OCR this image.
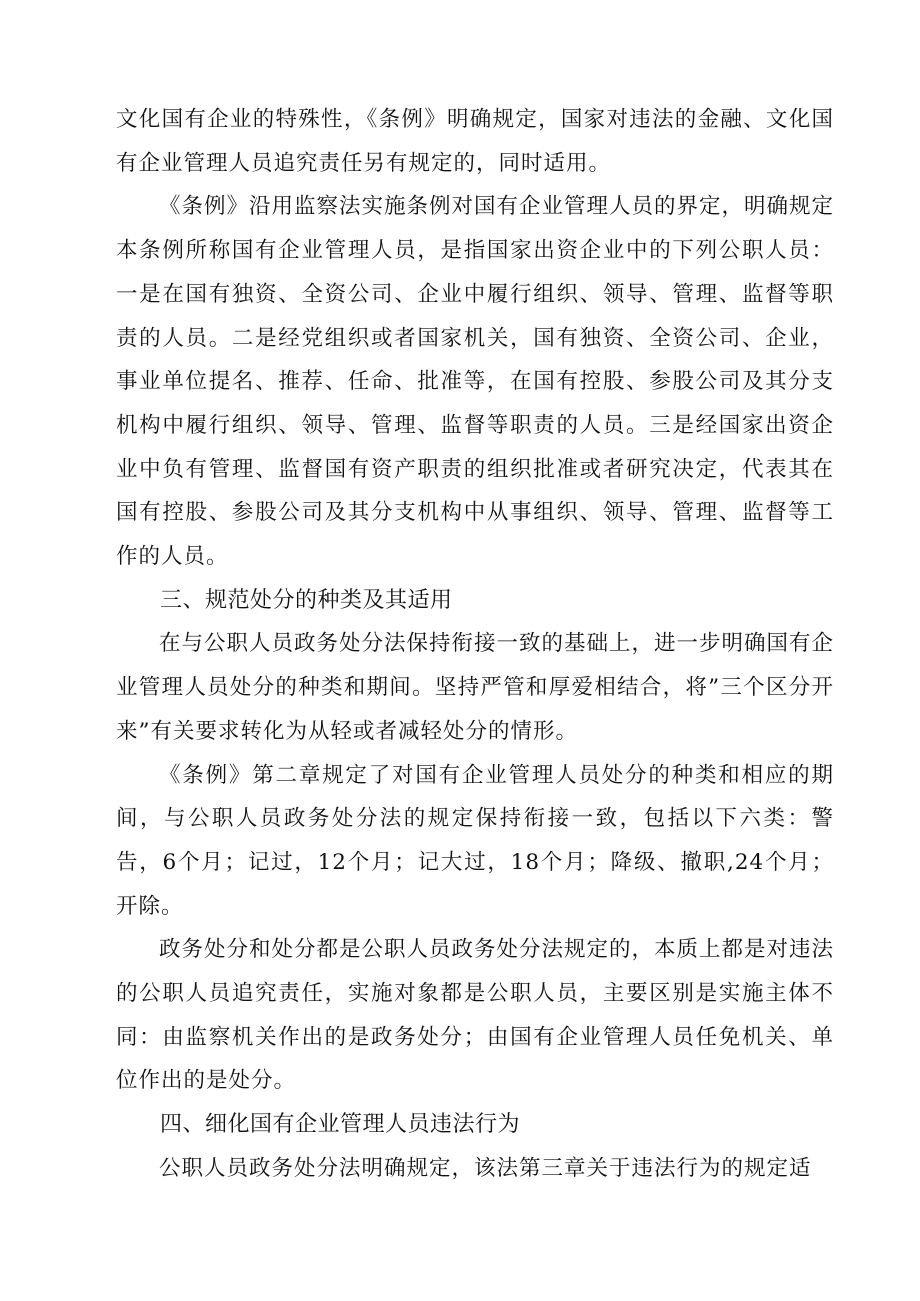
文化国有企业的特殊性，《条例》明确规定，国家对违法的金融、文化国有企业管理人员追究责任另有规定的，同时适用。

《条例》沿用监察法实施条例对国有企业管理人员的界定，明确规定本条例所称国有企业管理人员，是指国家出资企业中的下列公职人员：一是在国有独资、全资公司、企业中履行组织、领导、管理、监督等职责的人员。二是经党组织或者国家机关，国有独资、全资公司、企业，事业单位提名、推荐、任命、批准等，在国有控股、参股公司及其分支机构中履行组织、领导、管理、监督等职责的人员。三是经国家出资企业中负有管理、监督国有资产职责的组织批准或者研究决定，代表其在国有控股、参股公司及其分支机构中从事组织、领导、管理、监督等工作的人员。

三、规范处分的种类及其适用

在与公职人员政务处分法保持衔接一致的基础上，进一步明确国有企业管理人员处分的种类和期间。坚持严管和厚爱相结合，将”三个区分开来”有关要求转化为从轻或者减轻处分的情形。

《条例》第二章规定了对国有企业管理人员处分的种类和相应的期间，与公职人员政务处分法的规定保持衔接一致，包括以下六类：警告，6个月；记过，12个月；记大过，18个月；降级、撤职,24个月；开除。

政务处分和处分都是公职人员政务处分法规定的，本质上都是对违法的公职人员追究责任，实施对象都是公职人员，主要区别是实施主体不同：由监察机关作出的是政务处分；由国有企业管理人员任免机关、单位作出的是处分。

四、细化国有企业管理人员违法行为

公职人员政务处分法明确规定，该法第三章关于违法行为的规定适
